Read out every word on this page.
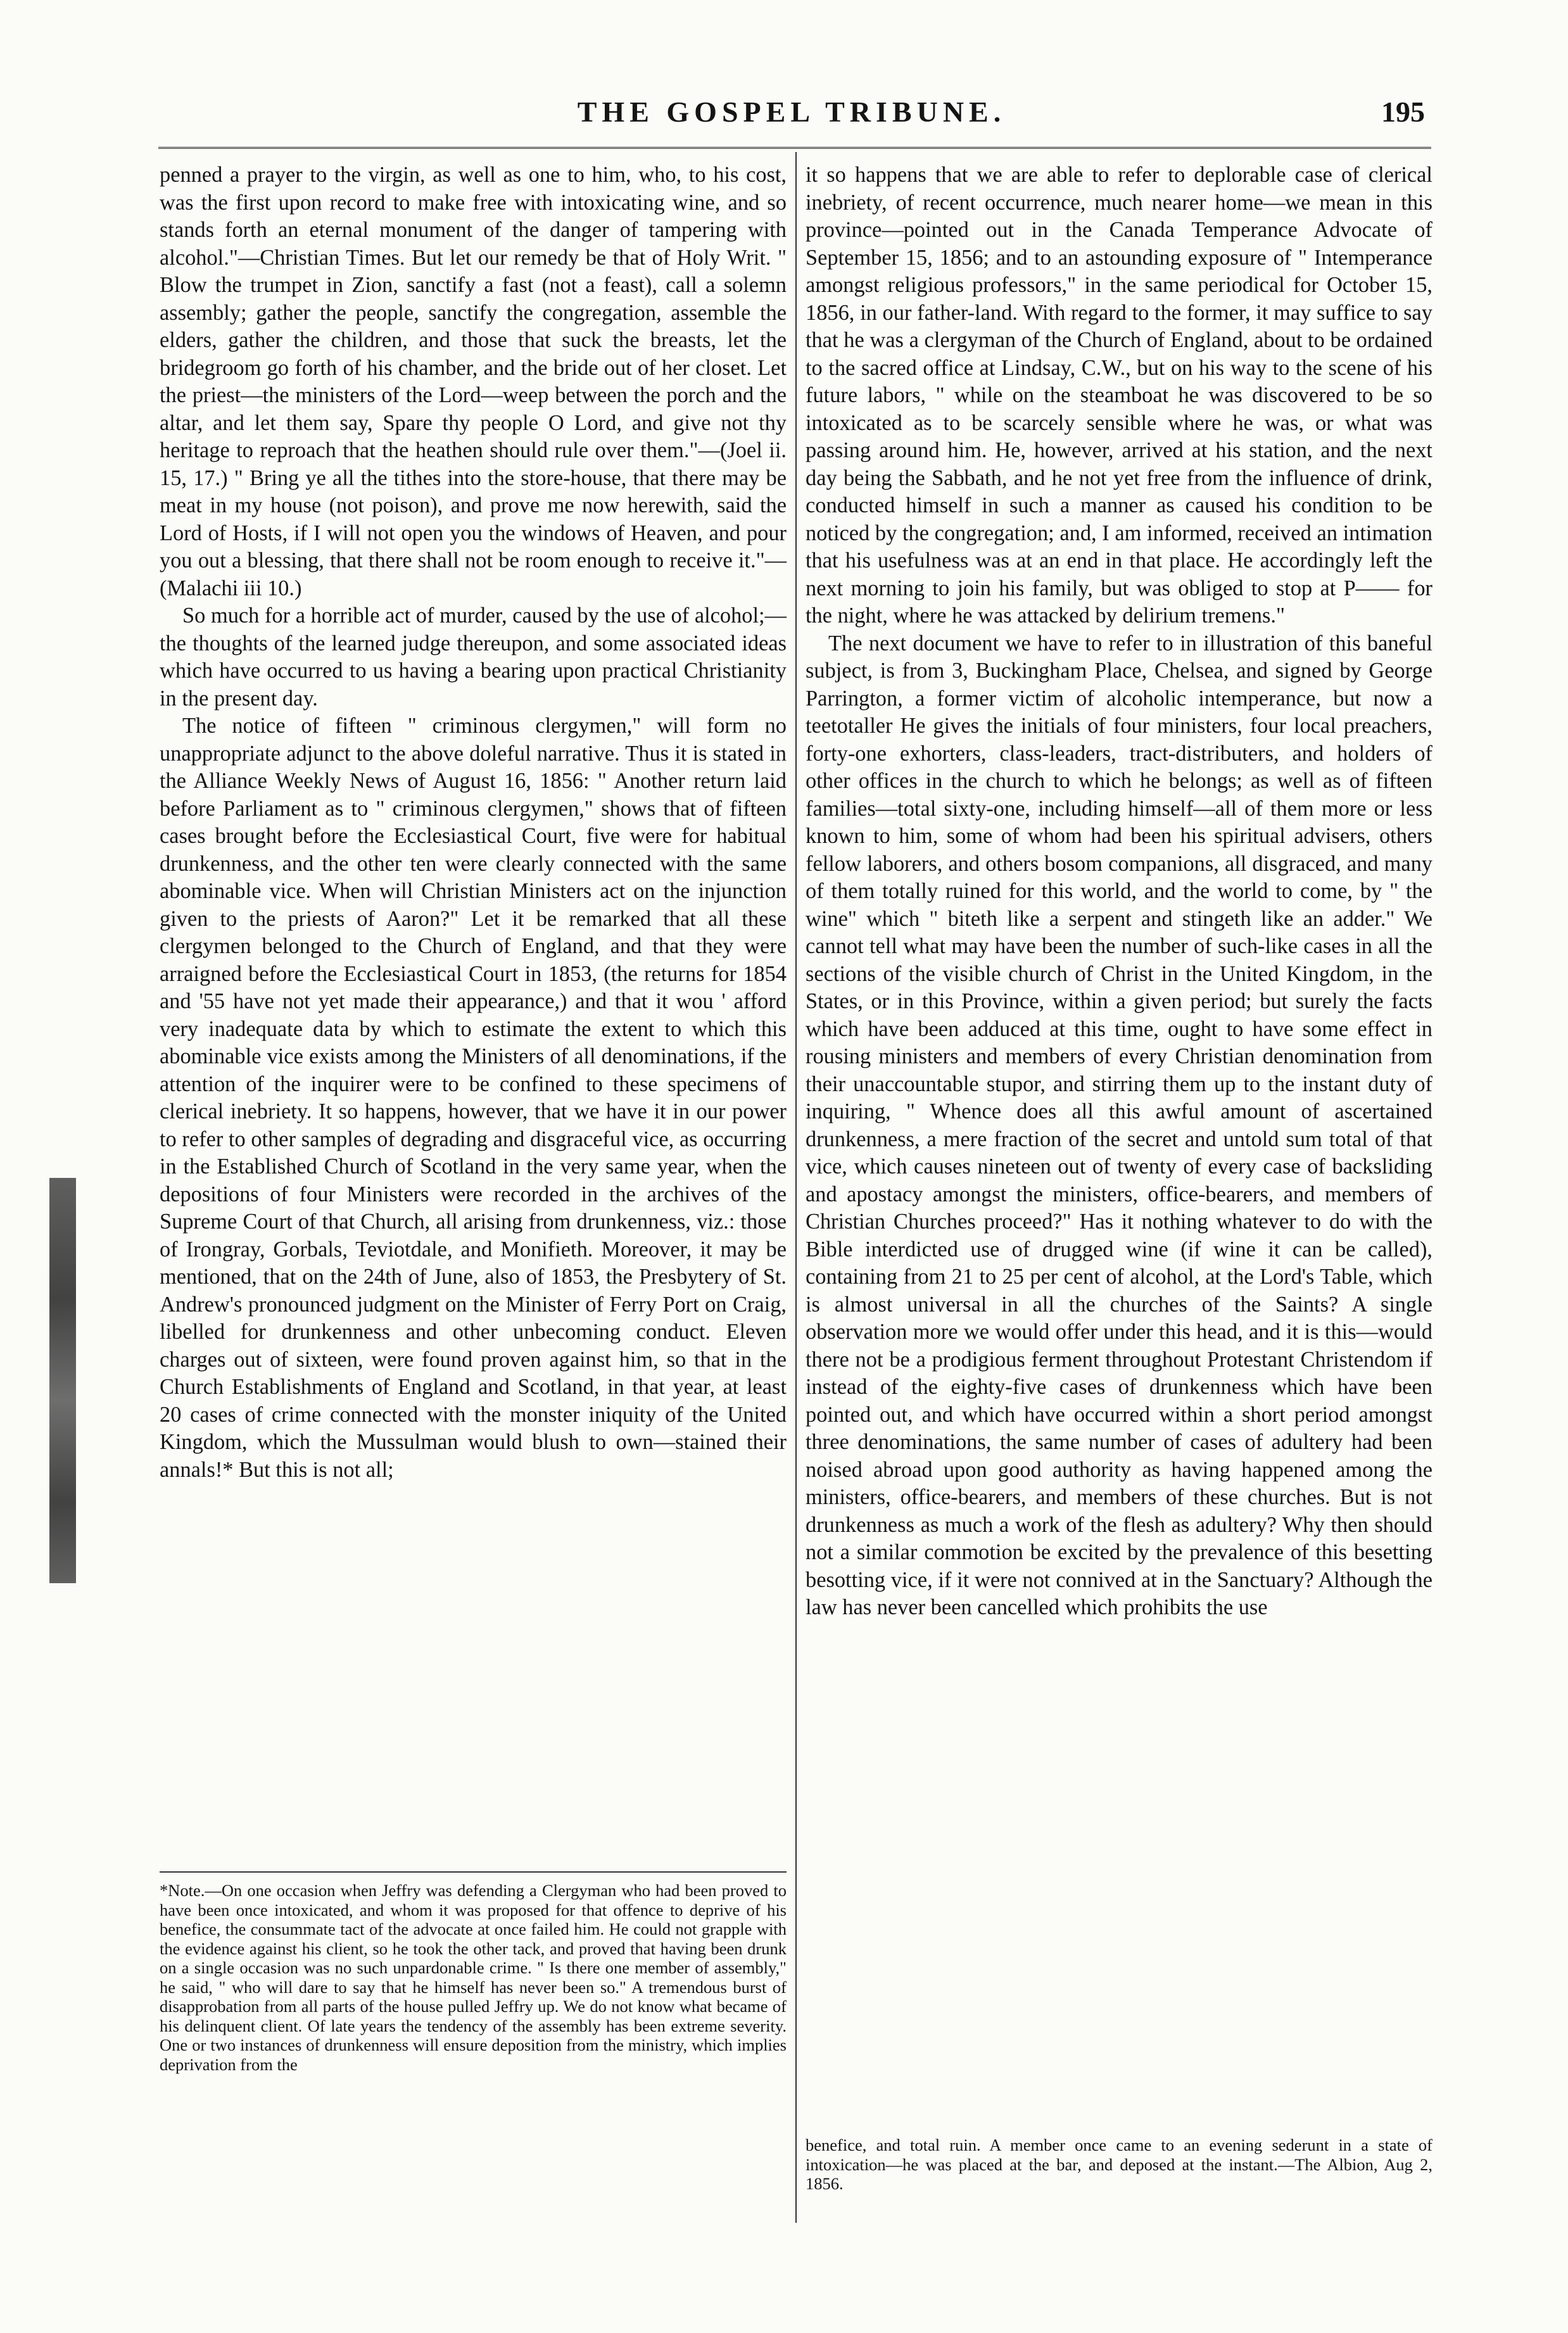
THE GOSPEL TRIBUNE.	195

penned a prayer to the virgin, as well as one to him, who, to his cost, was the first upon record to make free with intoxicating wine, and so stands forth an eternal monument of the danger of tampering with alcohol."—Christian Times. But let our remedy be that of Holy Writ. " Blow the trumpet in Zion, sanctify a fast (not a feast), call a solemn assembly; gather the people, sanctify the congregation, assemble the elders, gather the children, and those that suck the breasts, let the bridegroom go forth of his chamber, and the bride out of her closet. Let the priest—the ministers of the Lord—weep between the porch and the altar, and let them say, Spare thy people O Lord, and give not thy heritage to reproach that the heathen should rule over them."—(Joel ii. 15, 17.) " Bring ye all the tithes into the store-house, that there may be meat in my house (not poison), and prove me now herewith, said the Lord of Hosts, if I will not open you the windows of Heaven, and pour you out a blessing, that there shall not be room enough to receive it."—(Malachi iii 10.)

So much for a horrible act of murder, caused by the use of alcohol;—the thoughts of the learned judge thereupon, and some associated ideas which have occurred to us having a bearing upon practical Christianity in the present day.

The notice of fifteen " criminous clergymen," will form no unappropriate adjunct to the above doleful narrative. Thus it is stated in the Alliance Weekly News of August 16, 1856: " Another return laid before Parliament as to " criminous clergymen," shows that of fifteen cases brought before the Ecclesiastical Court, five were for habitual drunkenness, and the other ten were clearly connected with the same abominable vice. When will Christian Ministers act on the injunction given to the priests of Aaron?" Let it be remarked that all these clergymen belonged to the Church of England, and that they were arraigned before the Ecclesiastical Court in 1853, (the returns for 1854 and '55 have not yet made their appearance,) and that it wou ' afford very inadequate data by which to estimate the extent to which this abominable vice exists among the Ministers of all denominations, if the attention of the inquirer were to be confined to these specimens of clerical inebriety. It so happens, however, that we have it in our power to refer to other samples of degrading and disgraceful vice, as occurring in the Established Church of Scotland in the very same year, when the depositions of four Ministers were recorded in the archives of the Supreme Court of that Church, all arising from drunkenness, viz.: those of Irongray, Gorbals, Teviotdale, and Monifieth. Moreover, it may be mentioned, that on the 24th of June, also of 1853, the Presbytery of St. Andrew's pronounced judgment on the Minister of Ferry Port on Craig, libelled for drunkenness and other unbecoming conduct. Eleven charges out of sixteen, were found proven against him, so that in the Church Establishments of England and Scotland, in that year, at least 20 cases of crime connected with the monster iniquity of the United Kingdom, which the Mussulman would blush to own—stained their annals!* But this is not all;

it so happens that we are able to refer to deplorable case of clerical inebriety, of recent occurrence, much nearer home—we mean in this province—pointed out in the Canada Temperance Advocate of September 15, 1856; and to an astounding exposure of " Intemperance amongst religious professors," in the same periodical for October 15, 1856, in our father-land. With regard to the former, it may suffice to say that he was a clergyman of the Church of England, about to be ordained to the sacred office at Lindsay, C.W., but on his way to the scene of his future labors, " while on the steamboat he was discovered to be so intoxicated as to be scarcely sensible where he was, or what was passing around him. He, however, arrived at his station, and the next day being the Sabbath, and he not yet free from the influence of drink, conducted himself in such a manner as caused his condition to be noticed by the congregation; and, I am informed, received an intimation that his usefulness was at an end in that place. He accordingly left the next morning to join his family, but was obliged to stop at P—— for the night, where he was attacked by delirium tremens."

The next document we have to refer to in illustration of this baneful subject, is from 3, Buckingham Place, Chelsea, and signed by George Parrington, a former victim of alcoholic intemperance, but now a teetotaller He gives the initials of four ministers, four local preachers, forty-one exhorters, class-leaders, tract-distributers, and holders of other offices in the church to which he belongs; as well as of fifteen families—total sixty-one, including himself—all of them more or less known to him, some of whom had been his spiritual advisers, others fellow laborers, and others bosom companions, all disgraced, and many of them totally ruined for this world, and the world to come, by " the wine" which " biteth like a serpent and stingeth like an adder." We cannot tell what may have been the number of such-like cases in all the sections of the visible church of Christ in the United Kingdom, in the States, or in this Province, within a given period; but surely the facts which have been adduced at this time, ought to have some effect in rousing ministers and members of every Christian denomination from their unaccountable stupor, and stirring them up to the instant duty of inquiring, " Whence does all this awful amount of ascertained drunkenness, a mere fraction of the secret and untold sum total of that vice, which causes nineteen out of twenty of every case of backsliding and apostacy amongst the ministers, office-bearers, and members of Christian Churches proceed?" Has it nothing whatever to do with the Bible interdicted use of drugged wine (if wine it can be called), containing from 21 to 25 per cent of alcohol, at the Lord's Table, which is almost universal in all the churches of the Saints? A single observation more we would offer under this head, and it is this—would there not be a prodigious ferment throughout Protestant Christendom if instead of the eighty-five cases of drunkenness which have been pointed out, and which have occurred within a short period amongst three denominations, the same number of cases of adultery had been noised abroad upon good authority as having happened among the ministers, office-bearers, and members of these churches. But is not drunkenness as much a work of the flesh as adultery? Why then should not a similar commotion be excited by the prevalence of this besetting besotting vice, if it were not connived at in the Sanctuary? Although the law has never been cancelled which prohibits the use

*Note.—On one occasion when Jeffry was defending a Clergyman who had been proved to have been once intoxicated, and whom it was proposed for that offence to deprive of his benefice, the consummate tact of the advocate at once failed him. He could not grapple with the evidence against his client, so he took the other tack, and proved that having been drunk on a single occasion was no such unpardonable crime. " Is there one member of assembly," he said, " who will dare to say that he himself has never been so." A tremendous burst of disapprobation from all parts of the house pulled Jeffry up. We do not know what became of his delinquent client. Of late years the tendency of the assembly has been extreme severity. One or two instances of drunkenness will ensure deposition from the ministry, which implies deprivation from the
benefice, and total ruin. A member once came to an evening sederunt in a state of intoxication—he was placed at the bar, and deposed at the instant.—The Albion, Aug 2, 1856.
